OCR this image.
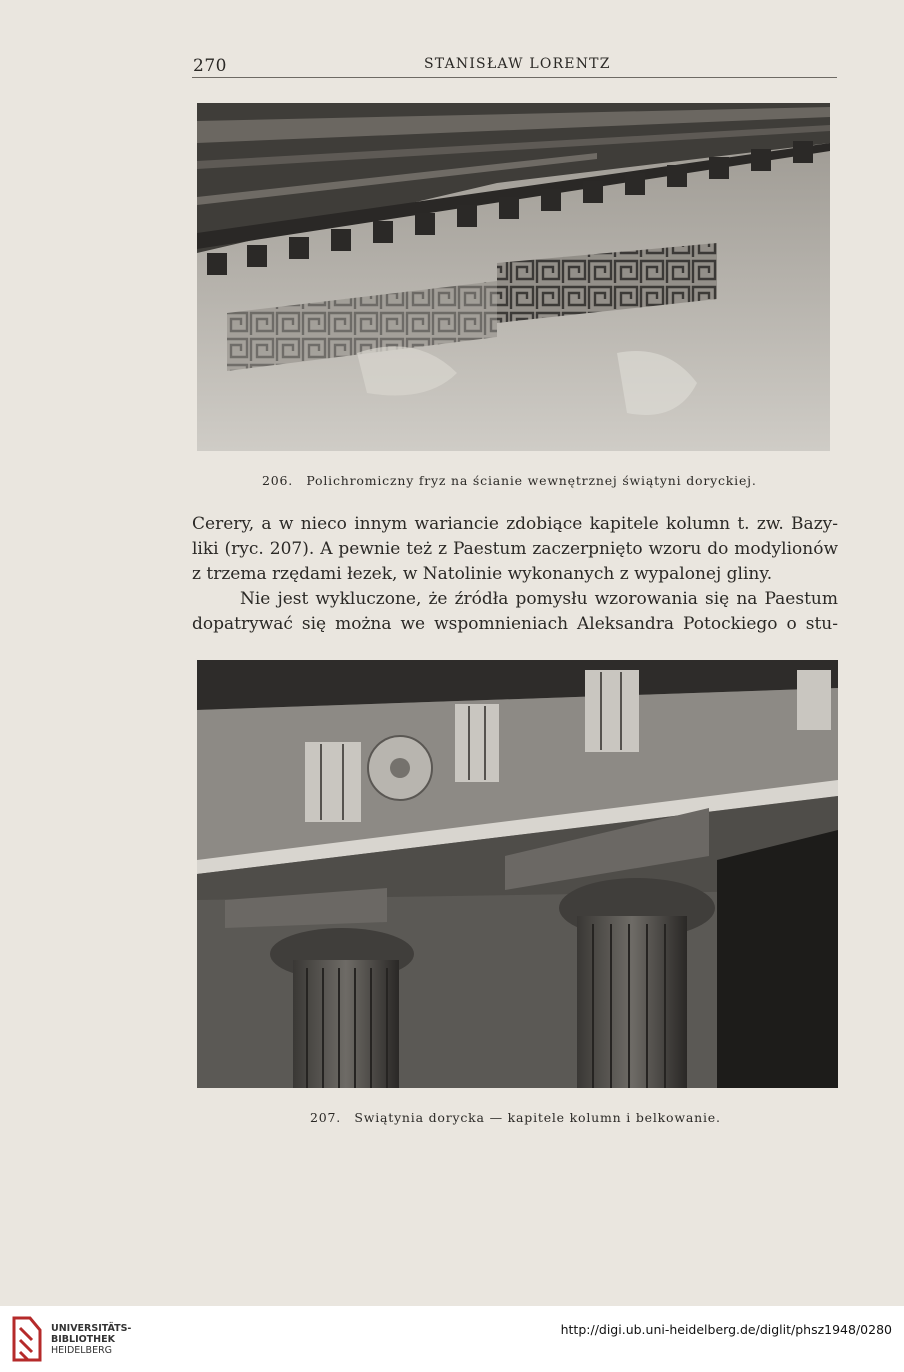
270	STANISŁAW LORENTZ
206. Polichromiczny fryz na ścianie wewnętrznej świątyni doryckiej.

Cerery, a w nieco innym wariancie zdobiące kapitele kolumn t. zw. Bazy-

liki (ryc. 207). A pewnie też z Paestum zaczerpnięto wzoru do modylionów

z trzema rzędami łezek, w Natolinie wykonanych z wypalonej gliny.

Nie jest wykluczone, że źródła pomysłu wzorowania się na Paestum

dopatrywać się można we wspomnieniach Aleksandra Potockiego o stu-

207. Swiątynia dorycka — kapitele kolumn i belkowanie.
UNIVERSITÄTS-
BIBLIOTHEK
HEIDELBERG
http://digi.ub.uni-heidelberg.de/diglit/phsz1948/0280
